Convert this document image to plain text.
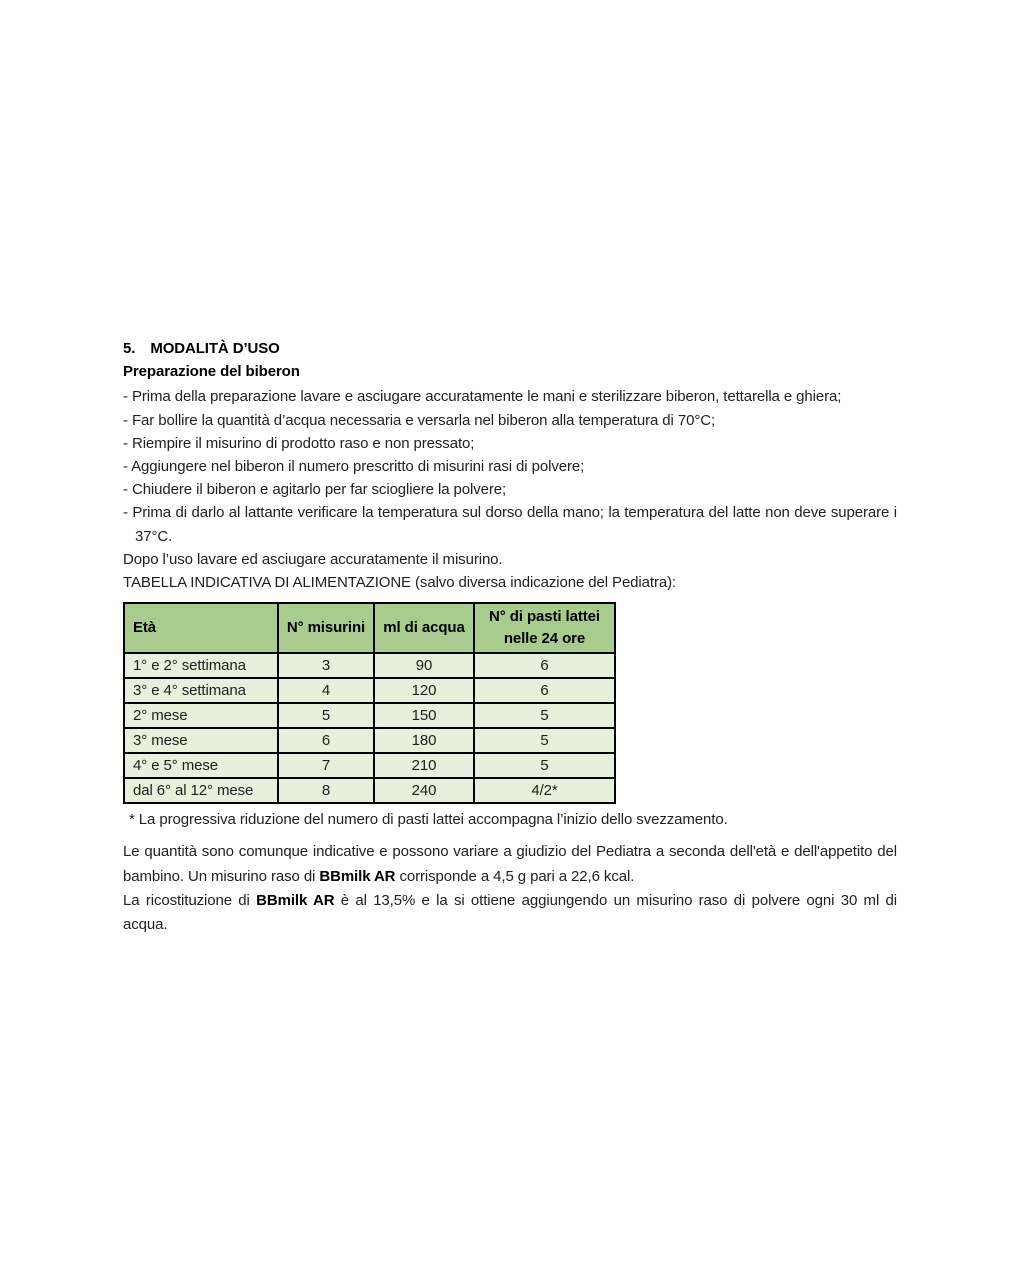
5. MODALITÀ D’USO
Preparazione del biberon
- Prima della preparazione lavare e asciugare accuratamente le mani e sterilizzare biberon, tettarella e ghiera;
- Far bollire la quantità d’acqua necessaria e versarla nel biberon alla temperatura di 70°C;
- Riempire il misurino di prodotto raso e non pressato;
- Aggiungere nel biberon il numero prescritto di misurini rasi di polvere;
- Chiudere il biberon e agitarlo per far sciogliere la polvere;
- Prima di darlo al lattante verificare la temperatura sul dorso della mano; la temperatura del latte non deve superare i 37°C.
Dopo l’uso lavare ed asciugare accuratamente il misurino.
TABELLA INDICATIVA DI ALIMENTAZIONE (salvo diversa indicazione del Pediatra):
Età	N° misurini	ml di acqua	N° di pasti lattei nelle 24 ore
1° e 2° settimana	3	90	6
3° e 4° settimana	4	120	6
2° mese	5	150	5
3° mese	6	180	5
4° e 5° mese	7	210	5
dal 6° al 12° mese	8	240	4/2*
* La progressiva riduzione del numero di pasti lattei accompagna l’inizio dello svezzamento.
Le quantità sono comunque indicative e possono variare a giudizio del Pediatra a seconda dell'età e dell'appetito del bambino. Un misurino raso di BBmilk AR corrisponde a 4,5 g pari a 22,6 kcal.
La ricostituzione di BBmilk AR è al 13,5% e la si ottiene aggiungendo un misurino raso di polvere ogni 30 ml di acqua.
